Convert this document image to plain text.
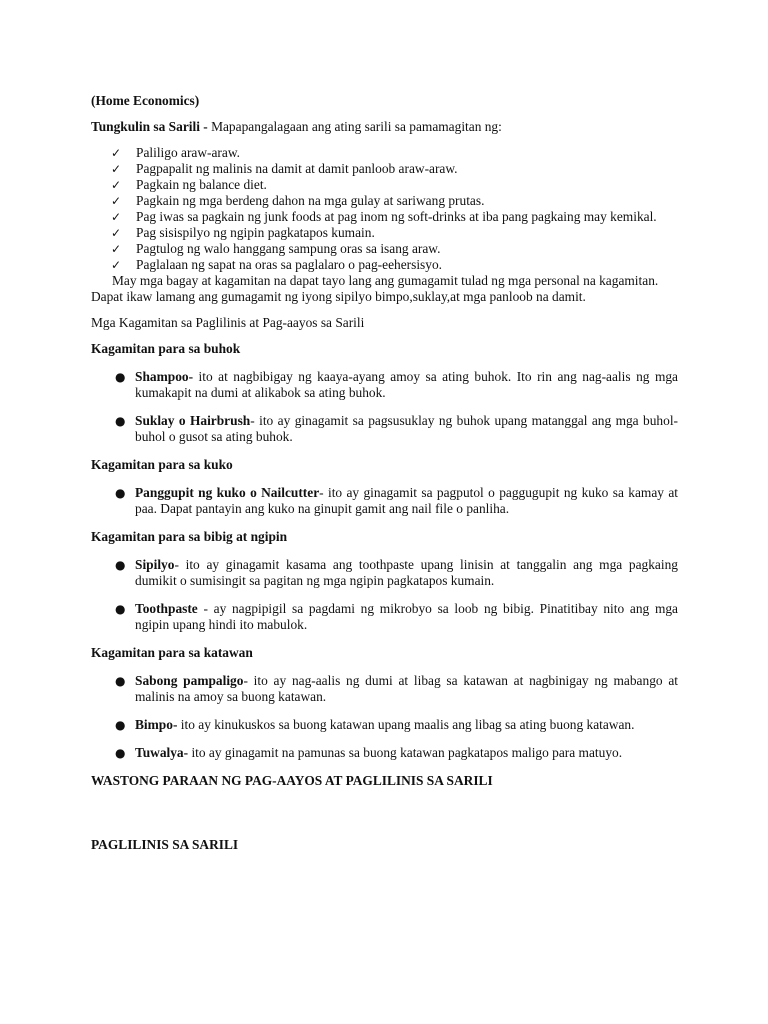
(Home Economics)

Tungkulin sa Sarili - Mapapangalagaan ang ating sarili sa pamamagitan ng:

✓ Paliligo araw-araw.
✓ Pagpapalit ng malinis na damit at damit panloob araw-araw.
✓ Pagkain ng balance diet.
✓ Pagkain ng mga berdeng dahon na mga gulay at sariwang prutas.
✓ Pag iwas sa pagkain ng junk foods at pag inom ng soft-drinks at iba pang pagkaing may kemikal.
✓ Pag sisispilyo ng ngipin pagkatapos kumain.
✓ Pagtulog ng walo hanggang sampung oras sa isang araw.
✓ Paglalaan ng sapat na oras sa paglalaro o pag-eehersisyo.

May mga bagay at kagamitan na dapat tayo lang ang gumagamit tulad ng mga personal na kagamitan. Dapat ikaw lamang ang gumagamit ng iyong sipilyo bimpo,suklay,at mga panloob na damit.

Mga Kagamitan sa Paglilinis at Pag-aayos sa Sarili

Kagamitan para sa buhok

● Shampoo- ito at nagbibigay ng kaaya-ayang amoy sa ating buhok. Ito rin ang nag-aalis ng mga kumakapit na dumi at alikabok sa ating buhok.
● Suklay o Hairbrush- ito ay ginagamit sa pagsusuklay ng buhok upang matanggal ang mga buhol-buhol o gusot sa ating buhok.

Kagamitan para sa kuko

● Panggupit ng kuko o Nailcutter- ito ay ginagamit sa pagputol o paggugupit ng kuko sa kamay at paa. Dapat pantayin ang kuko na ginupit gamit ang nail file o panliha.

Kagamitan para sa bibig at ngipin

● Sipilyo- ito ay ginagamit kasama ang toothpaste upang linisin at tanggalin ang mga pagkaing dumikit o sumisingit sa pagitan ng mga ngipin pagkatapos kumain.
● Toothpaste - ay nagpipigil sa pagdami ng mikrobyo sa loob ng bibig. Pinatitibay nito ang mga ngipin upang hindi ito mabulok.

Kagamitan para sa katawan

● Sabong pampaligo- ito ay nag-aalis ng dumi at libag sa katawan at nagbinigay ng mabango at malinis na amoy sa buong katawan.
● Bimpo- ito ay kinukuskos sa buong katawan upang maalis ang libag sa ating buong katawan.
● Tuwalya- ito ay ginagamit na pamunas sa buong katawan pagkatapos maligo para matuyo.

WASTONG PARAAN NG PAG-AAYOS AT PAGLILINIS SA SARILI

PAGLILINIS SA SARILI
